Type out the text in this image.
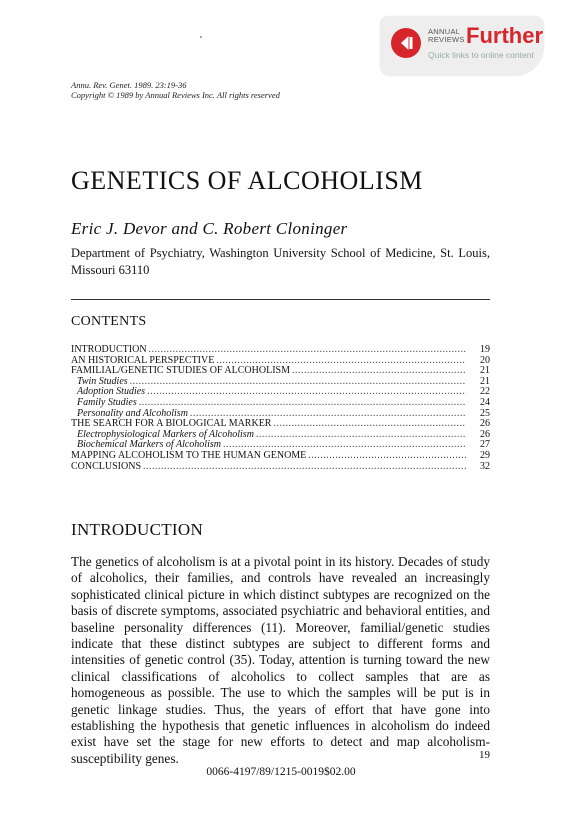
ANNUAL
REVIEWS Further
Quick links to online content
Annu. Rev. Genet. 1989. 23:19-36
Copyright © 1989 by Annual Reviews Inc. All rights reserved
GENETICS OF ALCOHOLISM
Eric J. Devor and C. Robert Cloninger
Department of Psychiatry, Washington University School of Medicine, St. Louis, Missouri 63110
CONTENTS
INTRODUCTION .....	19
AN HISTORICAL PERSPECTIVE .....	20
FAMILIAL/GENETIC STUDIES OF ALCOHOLISM .....	21
Twin Studies .....	21
Adoption Studies .....	22
Family Studies .....	24
Personality and Alcoholism .....	25
THE SEARCH FOR A BIOLOGICAL MARKER .....	26
Electrophysiological Markers of Alcoholism .....	26
Biochemical Markers of Alcoholism .....	27
MAPPING ALCOHOLISM TO THE HUMAN GENOME .....	29
CONCLUSIONS .....	32
INTRODUCTION

The genetics of alcoholism is at a pivotal point in its history. Decades of study of alcoholics, their families, and controls have revealed an increasingly sophisticated clinical picture in which distinct subtypes are recognized on the basis of discrete symptoms, associated psychiatric and behavioral entities, and baseline personality differences (11). Moreover, familial/genetic studies indicate that these distinct subtypes are subject to different forms and intensities of genetic control (35). Today, attention is turning toward the new clinical classifications of alcoholics to collect samples that are as homogeneous as possible. The use to which the samples will be put is in genetic linkage studies. Thus, the years of effort that have gone into establishing the hypothesis that genetic influences in alcoholism do indeed exist have set the stage for new efforts to detect and map alcoholism-susceptibility genes.	19
0066-4197/89/1215-0019$02.00
